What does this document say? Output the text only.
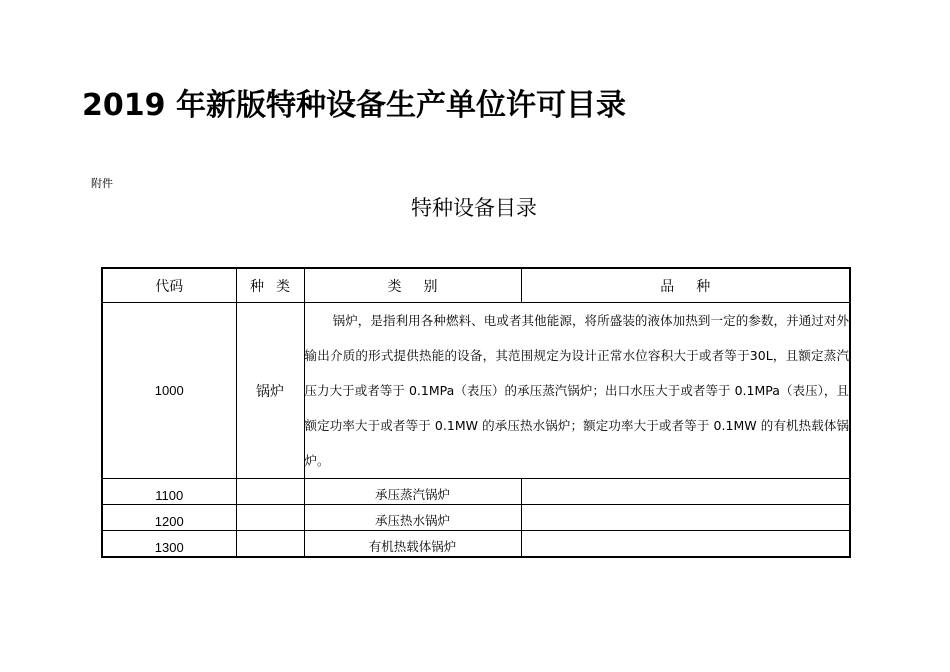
2019 年新版特种设备生产单位许可目录
附件
特种设备目录
代码	种类	类别	品种
1000	锅炉	锅炉，是指利用各种燃料、电或者其他能源，将所盛装的液体加热到一定的参数，并通过对外输出介质的形式提供热能的设备，其范围规定为设计正常水位容积大于或者等于30L，且额定蒸汽压力大于或者等于 0.1MPa（表压）的承压蒸汽锅炉；出口水压大于或者等于 0.1MPa（表压），且额定功率大于或者等于 0.1MW 的承压热水锅炉；额定功率大于或者等于 0.1MW 的有机热载体锅炉。	
1100		承压蒸汽锅炉	
1200		承压热水锅炉	
1300		有机热载体锅炉	
